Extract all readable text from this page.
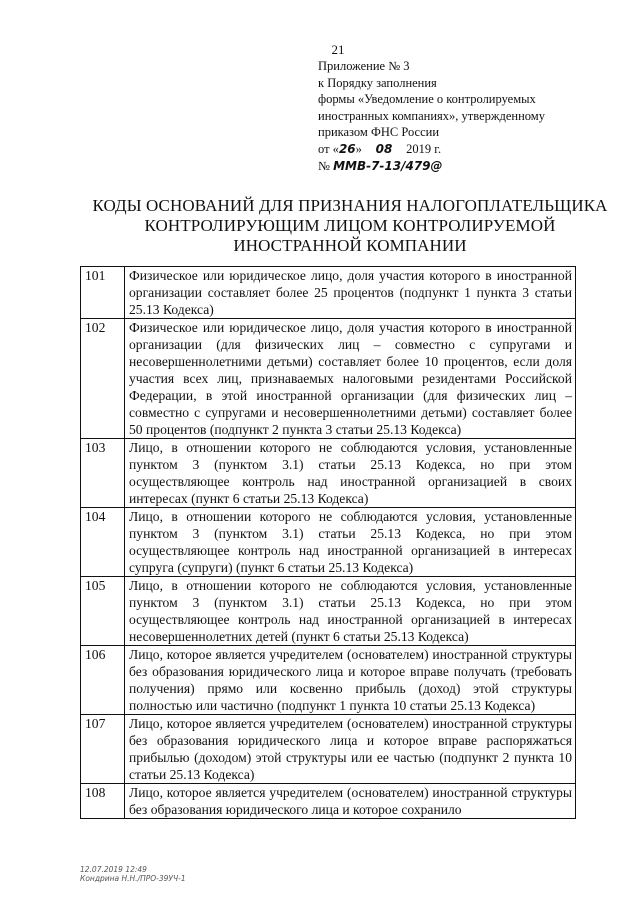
21
Приложение № 3
к Порядку заполнения
формы «Уведомление о контролируемых
иностранных компаниях», утвержденному
приказом ФНС России
от «26» 08 2019 г.
№ ММВ-7-13/479@
КОДЫ ОСНОВАНИЙ ДЛЯ ПРИЗНАНИЯ НАЛОГОПЛАТЕЛЬЩИКА
КОНТРОЛИРУЮЩИМ ЛИЦОМ КОНТРОЛИРУЕМОЙ
ИНОСТРАННОЙ КОМПАНИИ
101	Физическое или юридическое лицо, доля участия которого в иностранной организации составляет более 25 процентов (подпункт 1 пункта 3 статьи 25.13 Кодекса)
102	Физическое или юридическое лицо, доля участия которого в иностранной организации (для физических лиц – совместно с супругами и несовершеннолетними детьми) составляет более 10 процентов, если доля участия всех лиц, признаваемых налоговыми резидентами Российской Федерации, в этой иностранной организации (для физических лиц – совместно с супругами и несовершеннолетними детьми) составляет более 50 процентов (подпункт 2 пункта 3 статьи 25.13 Кодекса)
103	Лицо, в отношении которого не соблюдаются условия, установленные пунктом 3 (пунктом 3.1) статьи 25.13 Кодекса, но при этом осуществляющее контроль над иностранной организацией в своих интересах (пункт 6 статьи 25.13 Кодекса)
104	Лицо, в отношении которого не соблюдаются условия, установленные пунктом 3 (пунктом 3.1) статьи 25.13 Кодекса, но при этом осуществляющее контроль над иностранной организацией в интересах супруга (супруги) (пункт 6 статьи 25.13 Кодекса)
105	Лицо, в отношении которого не соблюдаются условия, установленные пунктом 3 (пунктом 3.1) статьи 25.13 Кодекса, но при этом осуществляющее контроль над иностранной организацией в интересах несовершеннолетних детей (пункт 6 статьи 25.13 Кодекса)
106	Лицо, которое является учредителем (основателем) иностранной структуры без образования юридического лица и которое вправе получать (требовать получения) прямо или косвенно прибыль (доход) этой структуры полностью или частично (подпункт 1 пункта 10 статьи 25.13 Кодекса)
107	Лицо, которое является учредителем (основателем) иностранной структуры без образования юридического лица и которое вправе распоряжаться прибылью (доходом) этой структуры или ее частью (подпункт 2 пункта 10 статьи 25.13 Кодекса)
108	Лицо, которое является учредителем (основателем) иностранной структуры без образования юридического лица и которое сохранило
12.07.2019 12:49
Кондрина Н.Н./ПРО-39УЧ-1
